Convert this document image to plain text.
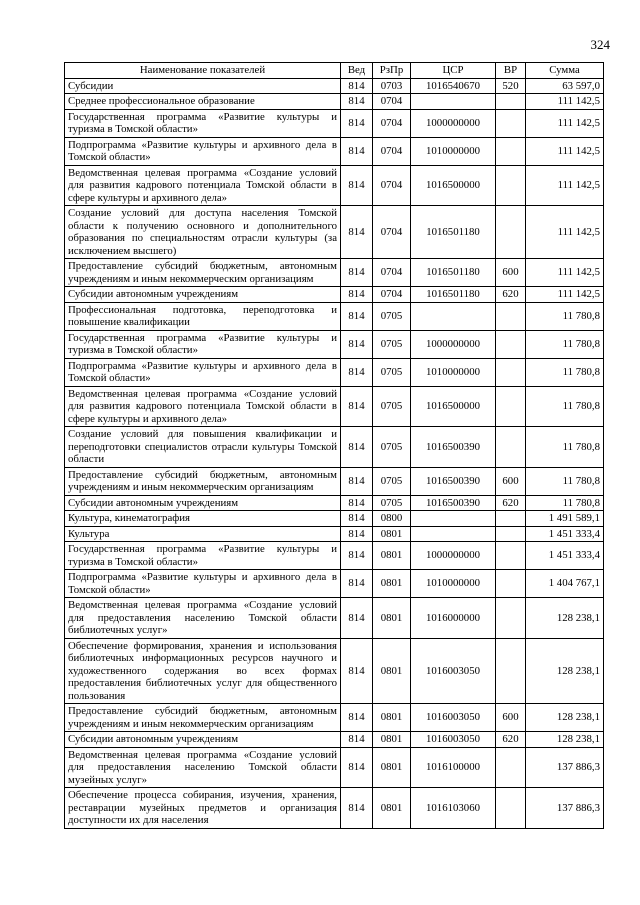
324
Наименование показателей	Вед	РзПр	ЦСР	ВР	Сумма
Субсидии	814	0703	1016540670	520	63 597,0
Среднее профессиональное образование	814	0704			111 142,5
Государственная программа «Развитие культуры и туризма в Томской области»	814	0704	1000000000		111 142,5
Подпрограмма «Развитие культуры и архивного дела в Томской области»	814	0704	1010000000		111 142,5
Ведомственная целевая программа «Создание условий для развития кадрового потенциала Томской области в сфере культуры и архивного дела»	814	0704	1016500000		111 142,5
Создание условий для доступа населения Томской области к получению основного и дополнительного образования по специальностям отрасли культуры (за исключением высшего)	814	0704	1016501180		111 142,5
Предоставление субсидий бюджетным, автономным учреждениям и иным некоммерческим организациям	814	0704	1016501180	600	111 142,5
Субсидии автономным учреждениям	814	0704	1016501180	620	111 142,5
Профессиональная подготовка, переподготовка и повышение квалификации	814	0705			11 780,8
Государственная программа «Развитие культуры и туризма в Томской области»	814	0705	1000000000		11 780,8
Подпрограмма «Развитие культуры и архивного дела в Томской области»	814	0705	1010000000		11 780,8
Ведомственная целевая программа «Создание условий для развития кадрового потенциала Томской области в сфере культуры и архивного дела»	814	0705	1016500000		11 780,8
Создание условий для повышения квалификации и переподготовки специалистов отрасли культуры Томской области	814	0705	1016500390		11 780,8
Предоставление субсидий бюджетным, автономным учреждениям и иным некоммерческим организациям	814	0705	1016500390	600	11 780,8
Субсидии автономным учреждениям	814	0705	1016500390	620	11 780,8
Культура, кинематография	814	0800			1 491 589,1
Культура	814	0801			1 451 333,4
Государственная программа «Развитие культуры и туризма в Томской области»	814	0801	1000000000		1 451 333,4
Подпрограмма «Развитие культуры и архивного дела в Томской области»	814	0801	1010000000		1 404 767,1
Ведомственная целевая программа «Создание условий для предоставления населению Томской области библиотечных услуг»	814	0801	1016000000		128 238,1
Обеспечение формирования, хранения и использования библиотечных информационных ресурсов научного и художественного содержания во всех формах предоставления библиотечных услуг для общественного пользования	814	0801	1016003050		128 238,1
Предоставление субсидий бюджетным, автономным учреждениям и иным некоммерческим организациям	814	0801	1016003050	600	128 238,1
Субсидии автономным учреждениям	814	0801	1016003050	620	128 238,1
Ведомственная целевая программа «Создание условий для предоставления населению Томской области музейных услуг»	814	0801	1016100000		137 886,3
Обеспечение процесса собирания, изучения, хранения, реставрации музейных предметов и организация доступности их для населения	814	0801	1016103060		137 886,3
